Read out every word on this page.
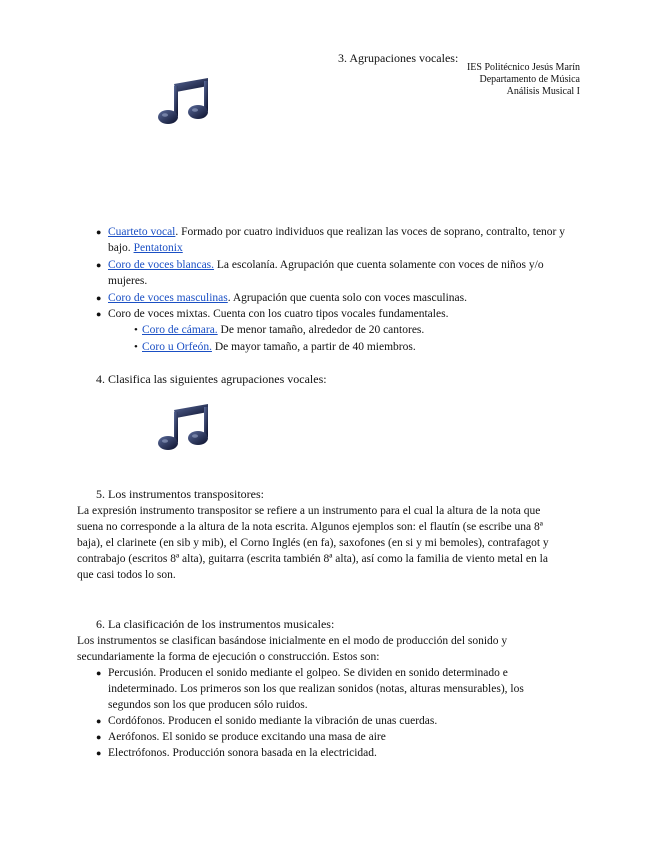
3. Agrupaciones vocales:
IES Politécnico Jesús Marín
Departamento de Música
Análisis Musical I
● Cuarteto vocal. Formado por cuatro individuos que realizan las voces de soprano, contralto, tenor y bajo. Pentatonix
● Coro de voces blancas. La escolanía. Agrupación que cuenta solamente con voces de niños y/o mujeres.
● Coro de voces masculinas. Agrupación que cuenta solo con voces masculinas.
● Coro de voces mixtas. Cuenta con los cuatro tipos vocales fundamentales.
• Coro de cámara. De menor tamaño, alrededor de 20 cantores.
• Coro u Orfeón. De mayor tamaño, a partir de 40 miembros.
4. Clasifica las siguientes agrupaciones vocales:
5. Los instrumentos transpositores:

La expresión instrumento transpositor se refiere a un instrumento para el cual la altura de la nota que suena no corresponde a la altura de la nota escrita. Algunos ejemplos son: el flautín (se escribe una 8ª baja), el clarinete (en sib y mib), el Corno Inglés (en fa), saxofones (en si y mi bemoles), contrafagot y contrabajo (escritos 8ª alta), guitarra (escrita también 8ª alta), así como la familia de viento metal en la que casi todos lo son.

6. La clasificación de los instrumentos musicales:

Los instrumentos se clasifican basándose inicialmente en el modo de producción del sonido y secundariamente la forma de ejecución o construcción. Estos son:

● Percusión. Producen el sonido mediante el golpeo. Se dividen en sonido determinado e indeterminado. Los primeros son los que realizan sonidos (notas, alturas mensurables), los segundos son los que producen sólo ruidos.
● Cordófonos. Producen el sonido mediante la vibración de unas cuerdas.
● Aerófonos. El sonido se produce excitando una masa de aire
● Electrófonos. Producción sonora basada en la electricidad.
